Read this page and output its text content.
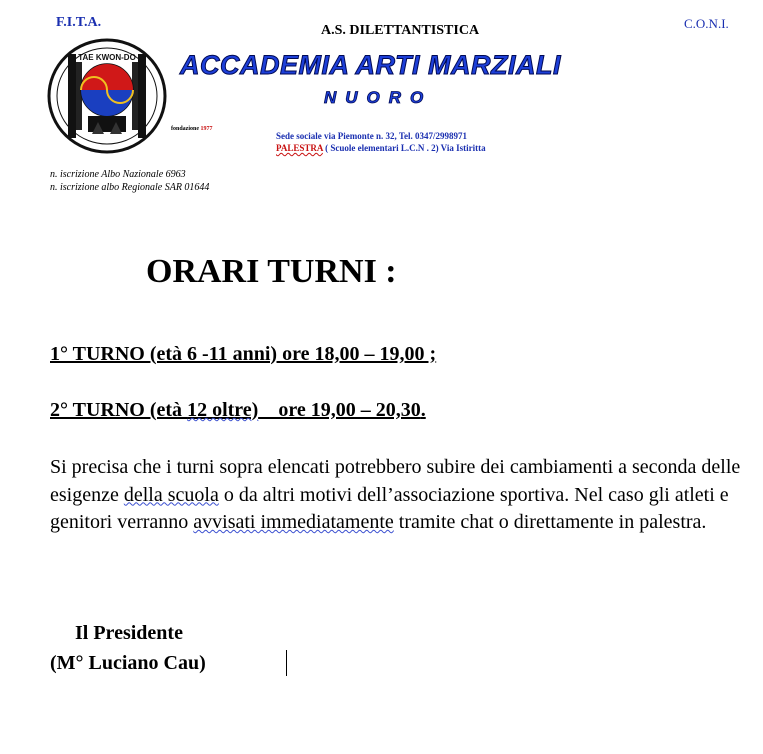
F.I.T.A.	C.O.N.I.
A.S. DILETTANTISTICA
ACCADEMIA ARTI MARZIALI
NUORO
TAE KWON-DO
fondazione 1977
Sede sociale via Piemonte n. 32, Tel. 0347/2998971
PALESTRA ( Scuole elementari L.C.N . 2) Via Istiritta
n. iscrizione Albo Nazionale 6963
n. iscrizione albo Regionale SAR 01644
ORARI TURNI :
1° TURNO (età 6 -11 anni) ore 18,00 – 19,00 ;
2° TURNO (età 12 oltre)    ore 19,00 – 20,30.
Si precisa che i turni sopra elencati potrebbero subire dei cambiamenti a seconda delle esigenze della scuola o da altri motivi dell’associazione sportiva. Nel caso gli atleti e genitori verranno avvisati immediatamente tramite chat o direttamente in palestra.
Il Presidente
(M° Luciano Cau)
